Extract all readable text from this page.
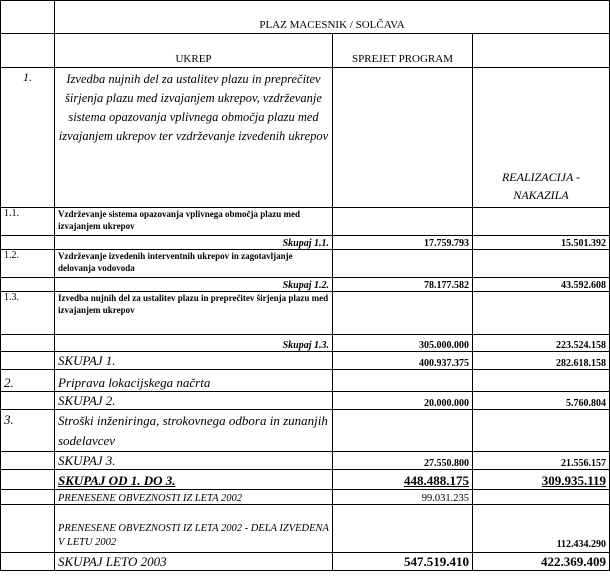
	PLAZ MACESNIK / SOLČAVA		
	UKREP	SPREJET PROGRAM	
1.	Izvedba nujnih del za ustalitev plazu in preprečitev širjenja plazu med izvajanjem ukrepov, vzdrževanje sistema opazovanja vplivnega območja plazu med izvajanjem ukrepov ter vzdrževanje izvedenih ukrepov		REALIZACIJA - NAKAZILA
1.1.	Vzdrževanje sistema opazovanja vplivnega območja plazu med izvajanjem ukrepov		
	Skupaj 1.1.	17.759.793	15.501.392
1.2.	Vzdrževanje izvedenih interventnih ukrepov in zagotavljanje delovanja vodovoda		
	Skupaj 1.2.	78.177.582	43.592.608
1.3.	Izvedba nujnih del za ustalitev plazu in preprečitev širjenja plazu med izvajanjem ukrepov		
	Skupaj 1.3.	305.000.000	223.524.158
	SKUPAJ 1.	400.937.375	282.618.158
2.	Priprava lokacijskega načrta		
	SKUPAJ 2.	20.000.000	5.760.804
3.	Stroški inženiringa, strokovnega odbora in zunanjih sodelavcev		
	SKUPAJ 3.	27.550.800	21.556.157
	SKUPAJ OD 1. DO 3.	448.488.175	309.935.119
	PRENESENE OBVEZNOSTI IZ LETA 2002	99.031.235	
	PRENESENE OBVEZNOSTI IZ LETA 2002 - DELA IZVEDENA V LETU 2002		112.434.290
	SKUPAJ LETO 2003	547.519.410	422.369.409
